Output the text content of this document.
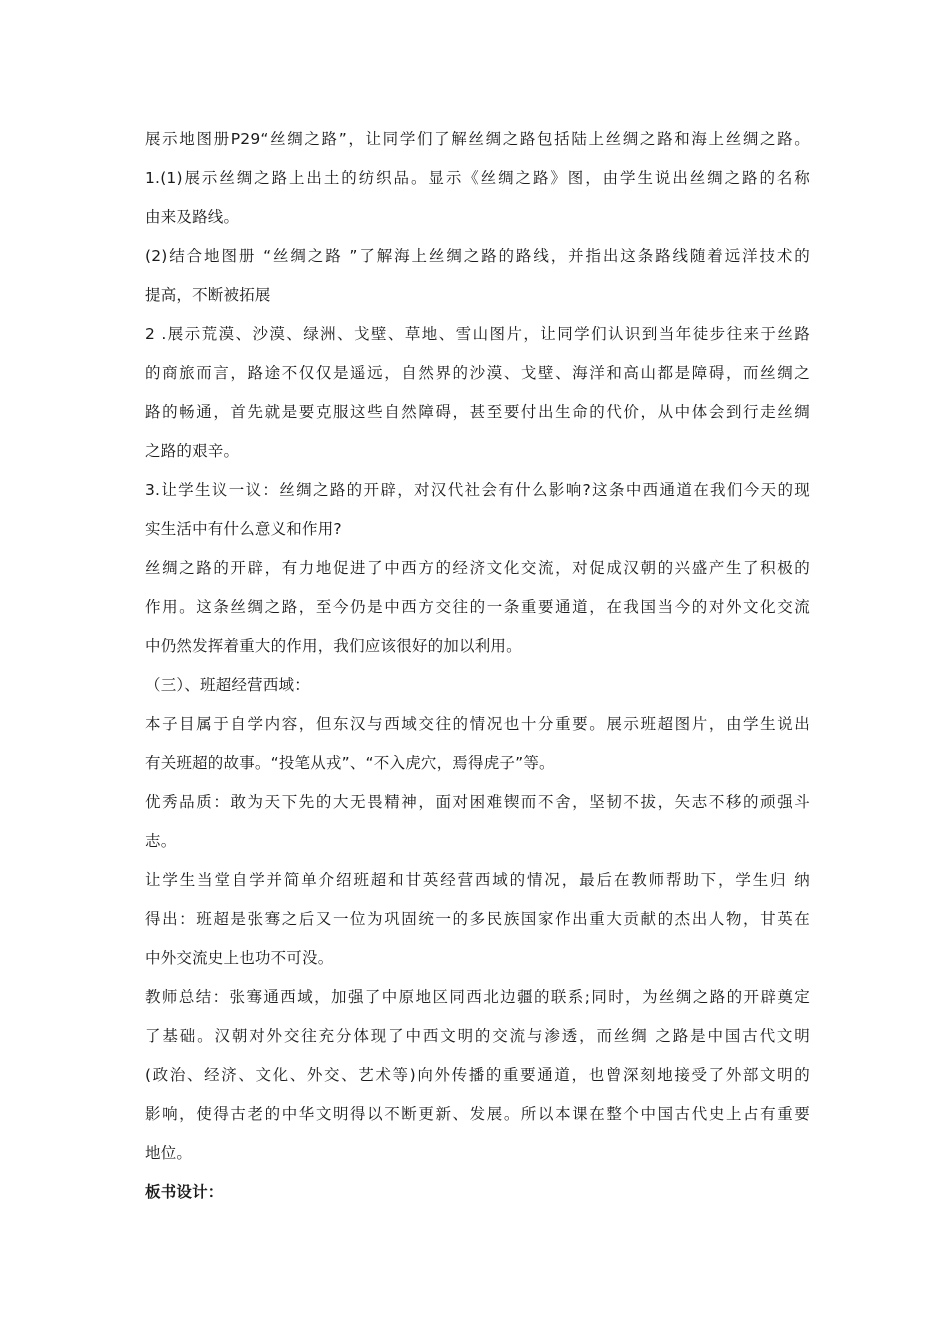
展示地图册P29“丝绸之路”，让同学们了解丝绸之路包括陆上丝绸之路和海上丝绸之路。
1.(1)展示丝绸之路上出土的纺织品。显示《丝绸之路》图，由学生说出丝绸之路的名称
由来及路线。
(2)结合地图册 “丝绸之路 ”了解海上丝绸之路的路线，并指出这条路线随着远洋技术的
提高，不断被拓展
2 .展示荒漠、沙漠、绿洲、戈壁、草地、雪山图片，让同学们认识到当年徒步往来于丝路
的商旅而言，路途不仅仅是遥远，自然界的沙漠、戈壁、海洋和高山都是障碍，而丝绸之
路的畅通，首先就是要克服这些自然障碍，甚至要付出生命的代价，从中体会到行走丝绸
之路的艰辛。
3.让学生议一议：丝绸之路的开辟，对汉代社会有什么影响?这条中西通道在我们今天的现
实生活中有什么意义和作用?
丝绸之路的开辟，有力地促进了中西方的经济文化交流，对促成汉朝的兴盛产生了积极的
作用。这条丝绸之路，至今仍是中西方交往的一条重要通道，在我国当今的对外文化交流
中仍然发挥着重大的作用，我们应该很好的加以利用。
（三）、班超经营西域：
本子目属于自学内容，但东汉与西域交往的情况也十分重要。展示班超图片，由学生说出
有关班超的故事。“投笔从戎”、“不入虎穴，焉得虎子”等。
优秀品质：敢为天下先的大无畏精神，面对困难锲而不舍，坚韧不拔，矢志不移的顽强斗
志。
让学生当堂自学并简单介绍班超和甘英经营西域的情况，最后在教师帮助下，学生归 纳
得出：班超是张骞之后又一位为巩固统一的多民族国家作出重大贡献的杰出人物，甘英在
中外交流史上也功不可没。
教师总结：张骞通西域，加强了中原地区同西北边疆的联系;同时，为丝绸之路的开辟奠定
了基础。汉朝对外交往充分体现了中西文明的交流与渗透，而丝绸 之路是中国古代文明
(政治、经济、文化、外交、艺术等)向外传播的重要通道，也曾深刻地接受了外部文明的
影响，使得古老的中华文明得以不断更新、发展。所以本课在整个中国古代史上占有重要
地位。
板书设计：
